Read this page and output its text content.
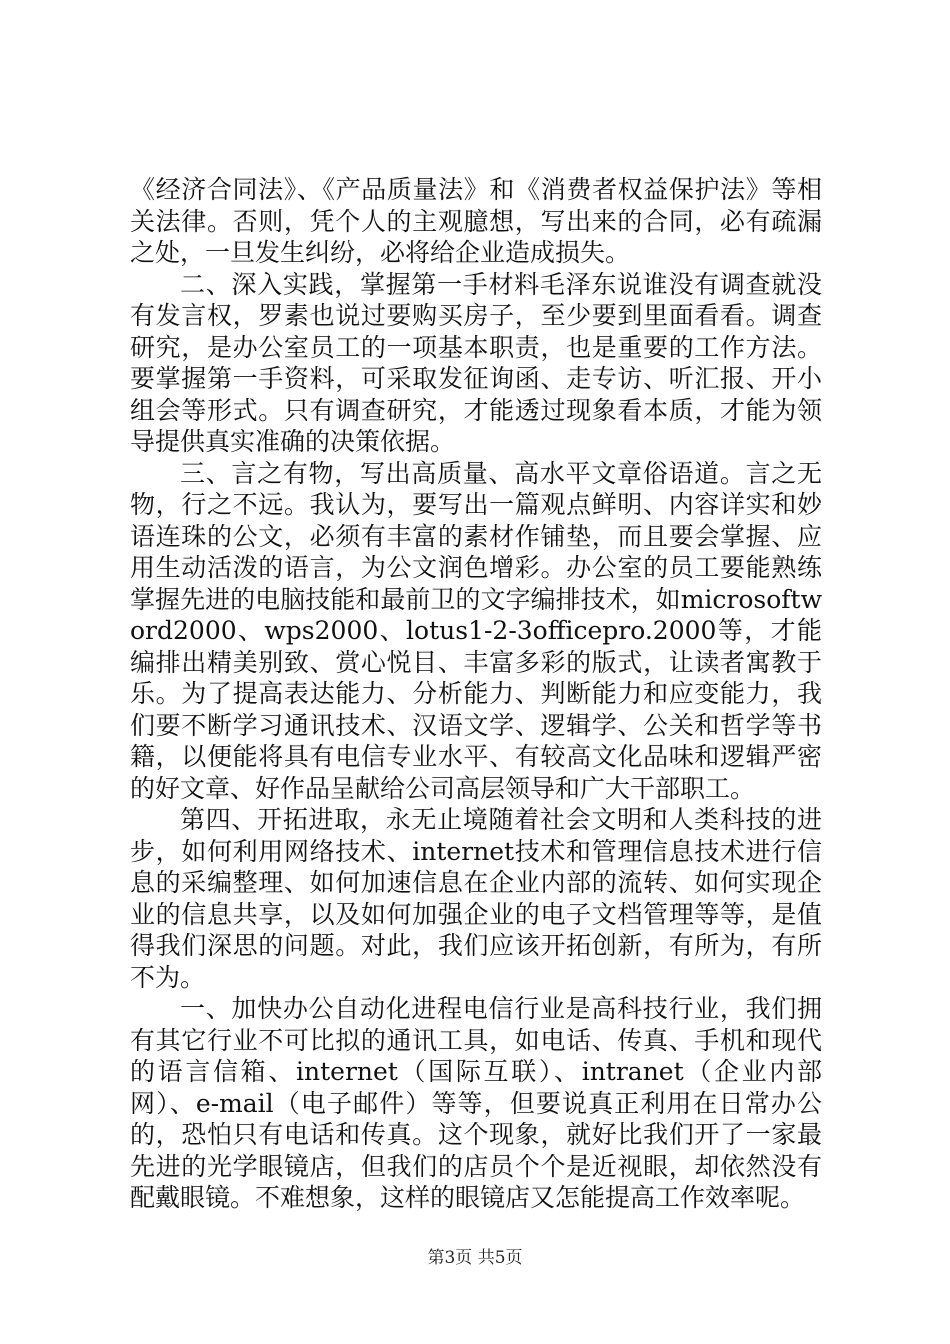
《经济合同法》、《产品质量法》和《消费者权益保护法》等相关法律。否则，凭个人的主观臆想，写出来的合同，必有疏漏之处，一旦发生纠纷，必将给企业造成损失。

二、深入实践，掌握第一手材料毛泽东说谁没有调查就没有发言权，罗素也说过要购买房子，至少要到里面看看。调查研究，是办公室员工的一项基本职责，也是重要的工作方法。要掌握第一手资料，可采取发征询函、走专访、听汇报、开小组会等形式。只有调查研究，才能透过现象看本质，才能为领导提供真实准确的决策依据。

三、言之有物，写出高质量、高水平文章俗语道。言之无物，行之不远。我认为，要写出一篇观点鲜明、内容详实和妙语连珠的公文，必须有丰富的素材作铺垫，而且要会掌握、应用生动活泼的语言，为公文润色增彩。办公室的员工要能熟练掌握先进的电脑技能和最前卫的文字编排技术，如microsoftword2000、wps2000、lotus1-2-3officepro.2000等，才能编排出精美别致、赏心悦目、丰富多彩的版式，让读者寓教于乐。为了提高表达能力、分析能力、判断能力和应变能力，我们要不断学习通讯技术、汉语文学、逻辑学、公关和哲学等书籍，以便能将具有电信专业水平、有较高文化品味和逻辑严密的好文章、好作品呈献给公司高层领导和广大干部职工。

第四、开拓进取，永无止境随着社会文明和人类科技的进步，如何利用网络技术、internet技术和管理信息技术进行信息的采编整理、如何加速信息在企业内部的流转、如何实现企业的信息共享，以及如何加强企业的电子文档管理等等，是值得我们深思的问题。对此，我们应该开拓创新，有所为，有所不为。

一、加快办公自动化进程电信行业是高科技行业，我们拥有其它行业不可比拟的通讯工具，如电话、传真、手机和现代的语言信箱、internet（国际互联）、intranet（企业内部网）、e-mail（电子邮件）等等，但要说真正利用在日常办公的，恐怕只有电话和传真。这个现象，就好比我们开了一家最先进的光学眼镜店，但我们的店员个个是近视眼，却依然没有配戴眼镜。不难想象，这样的眼镜店又怎能提高工作效率呢。

第3页 共5页
